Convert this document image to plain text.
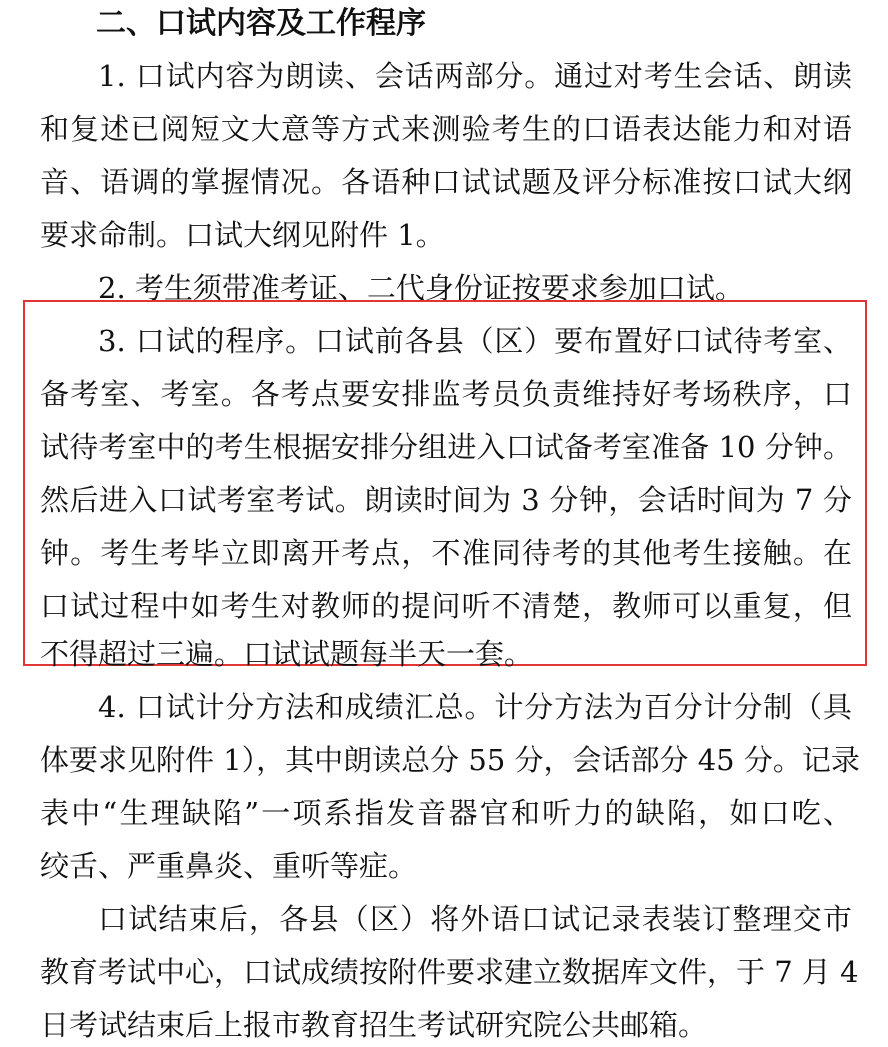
二、口试内容及工作程序
1. 口试内容为朗读、会话两部分。通过对考生会话、朗读
和复述已阅短文大意等方式来测验考生的口语表达能力和对语
音、语调的掌握情况。各语种口试试题及评分标准按口试大纲
要求命制。口试大纲见附件 1。
2. 考生须带准考证、二代身份证按要求参加口试。
3. 口试的程序。口试前各县（区）要布置好口试待考室、
备考室、考室。各考点要安排监考员负责维持好考场秩序，口
试待考室中的考生根据安排分组进入口试备考室准备 10 分钟。
然后进入口试考室考试。朗读时间为 3 分钟，会话时间为 7 分
钟。考生考毕立即离开考点，不准同待考的其他考生接触。在
口试过程中如考生对教师的提问听不清楚，教师可以重复，但
不得超过三遍。口试试题每半天一套。
4. 口试计分方法和成绩汇总。计分方法为百分计分制（具
体要求见附件 1），其中朗读总分 55 分，会话部分 45 分。记录
表中“生理缺陷”一项系指发音器官和听力的缺陷，如口吃、
绞舌、严重鼻炎、重听等症。
口试结束后，各县（区）将外语口试记录表装订整理交市
教育考试中心，口试成绩按附件要求建立数据库文件，于 7 月 4
日考试结束后上报市教育招生考试研究院公共邮箱。
